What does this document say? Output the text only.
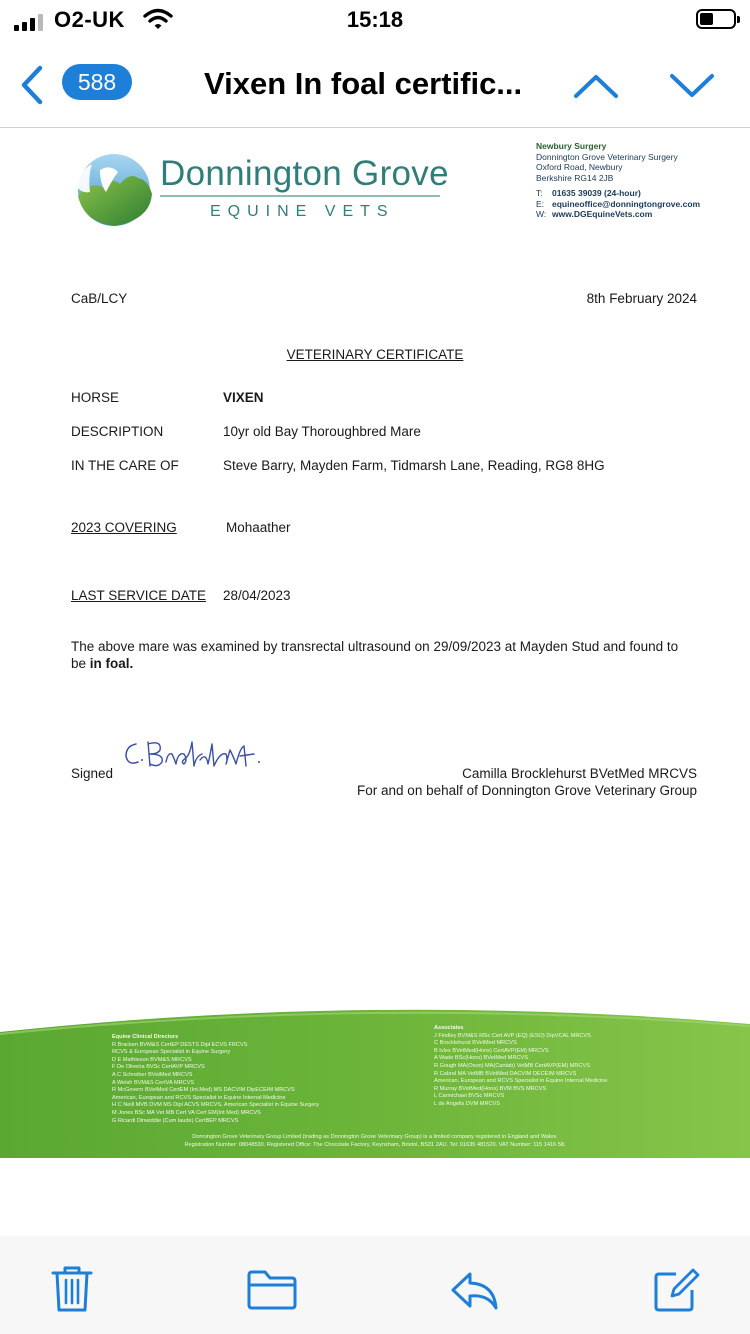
O2-UK	15:18
588	Vixen In foal certific...
Donnington Grove
EQUINE VETS
Newbury Surgery
Donnington Grove Veterinary Surgery
Oxford Road, Newbury
Berkshire RG14 2JB
T:	01635 39039 (24-hour)
E: equineoffice@donningtongrove.com
W: www.DGEquineVets.com
CaB/LCY	8th February 2024
VETERINARY CERTIFICATE
HORSE	VIXEN
DESCRIPTION	10yr old Bay Thoroughbred Mare
IN THE CARE OF	Steve Barry, Mayden Farm, Tidmarsh Lane, Reading, RG8 8HG
2023 COVERING	Mohaather
LAST SERVICE DATE 28/04/2023
The above mare was examined by transrectal ultrasound on 29/09/2023 at Mayden Stud and found to be in foal.
Signed	Camilla Brocklehurst BVetMed MRCVS
For and on behalf of Donnington Grove Veterinary Group
Equine Clinical Directors
R Bracken BVM&S CertEP DESTS Dipl ECVS FRCVS
RCVS & European Specialist in Equine Surgery
D E Mathieson BVM&S MRCVS
F De Oliveira BVSc CertAVP MRCVS
A C Schreiber BVetMed MRCVS
A Welsh BVM&S CertVA MRCVS
R McGovern BVetMed CertEM (Int.Med) MS DACVIM DipECEIM MRCVS
American, European and RCVS Specialist in Equine Internal Medicine
H C Neill MVB DVM MS Dipl ACVS MRCVS, American Specialist in Equine Surgery
M Jones BSc MA Vet MB Cert VA Cert EM(Int Med) MRCVS
G Ricardi Dinwiddie (Cum laude) CertBEP MRCVS
Associates
J Findley BVM&S MSc Cert AVP (EQ) (ESO) DipVCAL MRCVS
C Brocklehurst BVetMed MRCVS
B Ivles BVetMed(Hons) CertAVP(EM) MRCVS
A Wade BSc(Hons) BVetMed MRCVS
R Gough MA(Oxon) MA(Cantab) VetMB CertAVP(EM) MRCVS
R Cabral MA VetMB BVetMed DACVIM DECEIM MRCVS
American, European and RCVS Specialist in Equine Internal Medicine
R Murray BVetMed(Hons) BVM BVS MRCVS
L Carmichael BVSc MRCVS
L de Angelis DVM MRCVS
Donnington Grove Veterinary Group Limited (trading as Donnington Grove Veterinary Group) is a limited company registered in England and Wales.
Registration Number: 08048530. Registered Office: The Chocolate Factory, Keynsham, Bristol, BS31 2AU. Tel: 01635 481520. VAT Number: 115 1416 58.
